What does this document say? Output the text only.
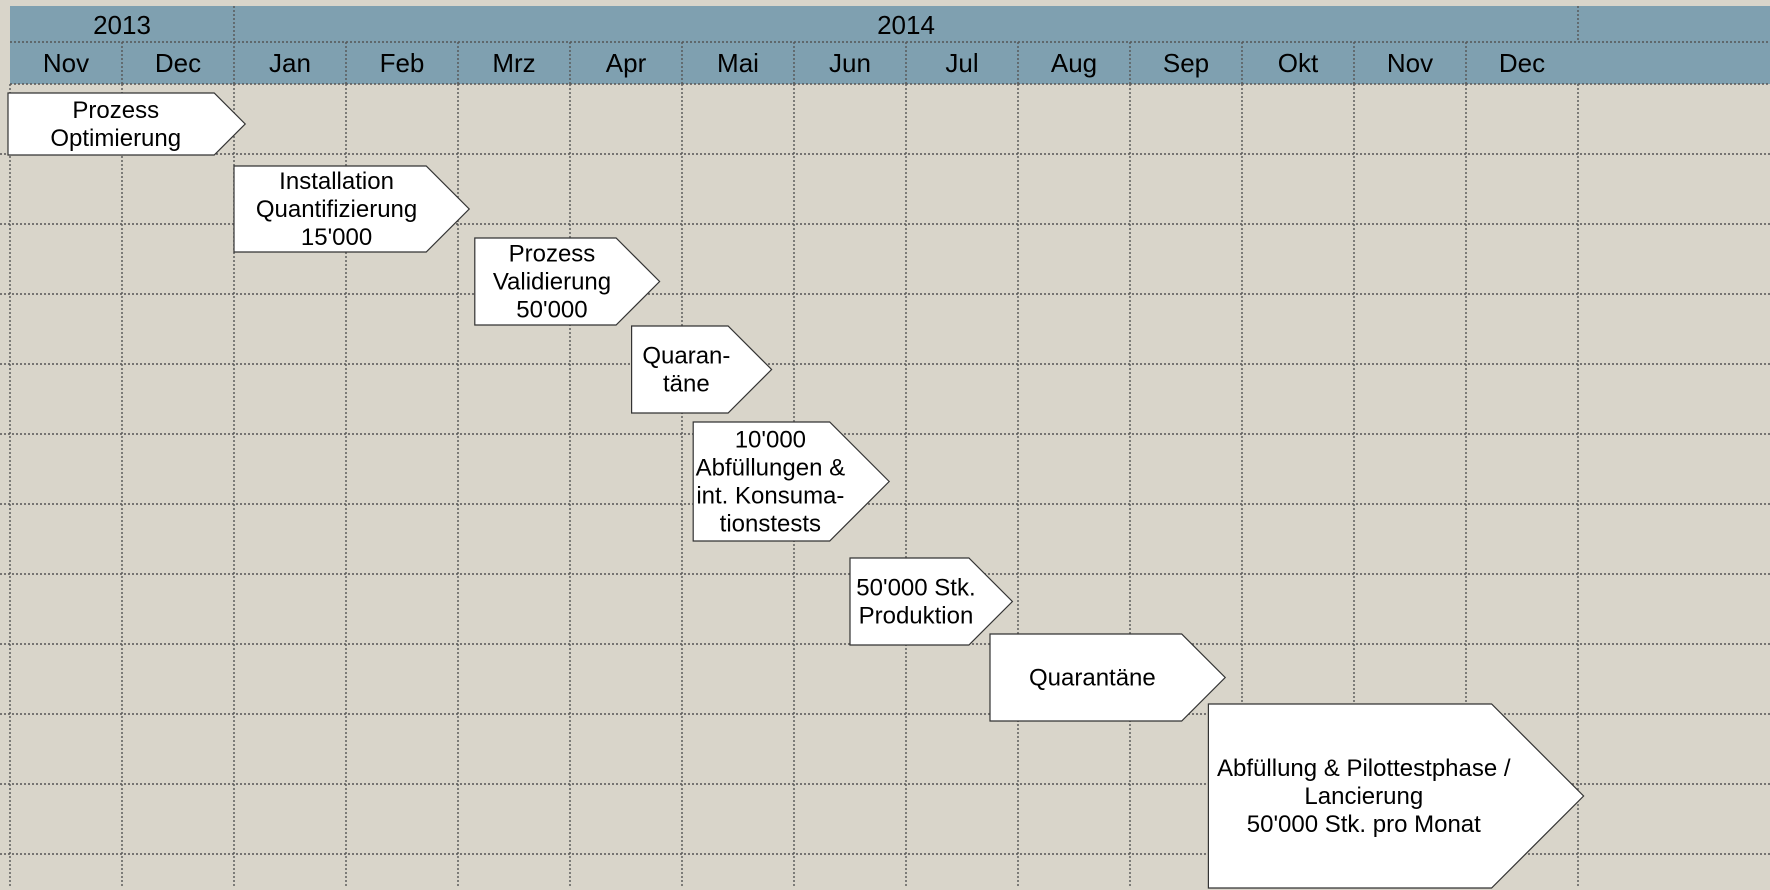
2013	2014
Nov	Dec	Jan	Feb	Mrz	Apr	Mai	Jun	Jul	Aug	Sep	Okt	Nov	Dec
Prozess
Optimierung
Installation
Quantifizierung
15'000
Prozess
Validierung
50'000
Quaran-
täne
10'000
Abfüllungen &
int. Konsuma-
tionstests
50'000 Stk.
Produktion
Quarantäne
Abfüllung & Pilottestphase /
Lancierung
50'000 Stk. pro Monat
